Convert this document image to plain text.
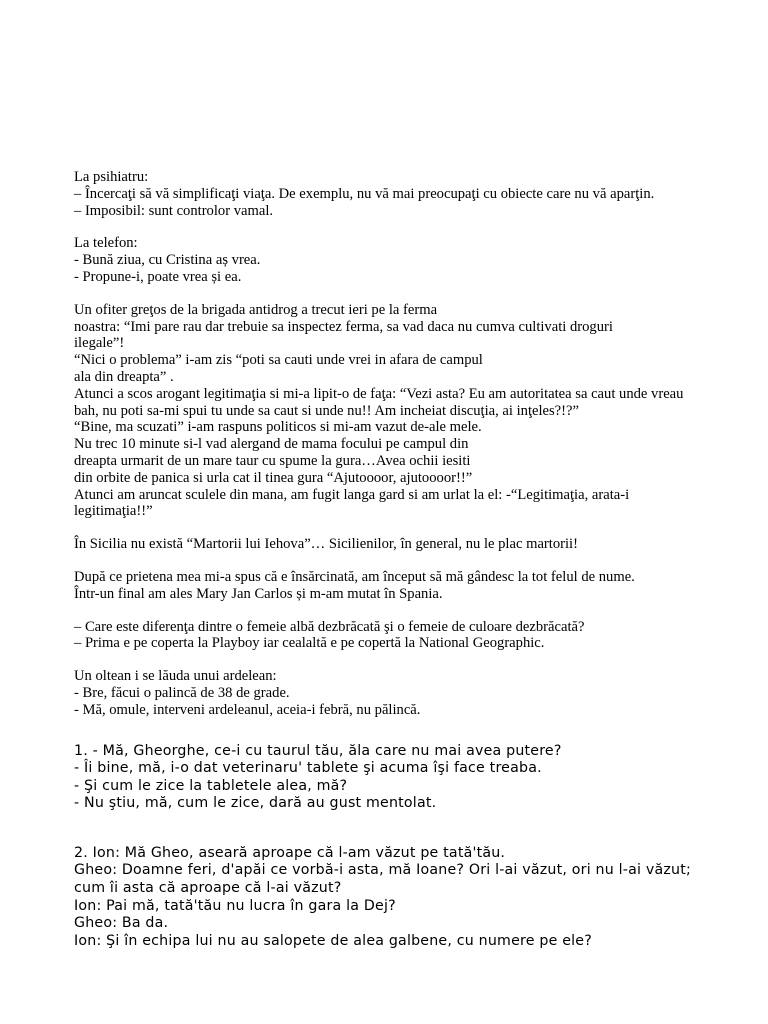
La psihiatru:
– Încercaţi să vă simplificaţi viaţa. De exemplu, nu vă mai preocupaţi cu obiecte care nu vă aparţin.
– Imposibil: sunt controlor vamal.
La telefon:
- Bună ziua, cu Cristina aș vrea.
- Propune-i, poate vrea și ea.
Un ofiter greţos de la brigada antidrog a trecut ieri pe la ferma
noastra: “Imi pare rau dar trebuie sa inspectez ferma, sa vad daca nu cumva cultivati droguri ilegale”!
“Nici o problema” i-am zis “poti sa cauti unde vrei in afara de campul
ala din dreapta” .
Atunci a scos arogant legitimaţia si mi-a lipit-o de faţa: “Vezi asta? Eu am autoritatea sa caut unde vreau bah, nu poti sa-mi spui tu unde sa caut si unde nu!! Am incheiat discuţia, ai inţeles?!?”
“Bine, ma scuzati” i-am raspuns politicos si mi-am vazut de-ale mele.
Nu trec 10 minute si-l vad alergand de mama focului pe campul din
dreapta urmarit de un mare taur cu spume la gura…Avea ochii iesiti
din orbite de panica si urla cat il tinea gura “Ajutoooor, ajutoooor!!”
Atunci am aruncat sculele din mana, am fugit langa gard si am urlat la el: -“Legitimaţia, arata-i legitimaţia!!”
În Sicilia nu există “Martorii lui Iehova”… Sicilienilor, în general, nu le plac martorii!
După ce prietena mea mi-a spus că e însărcinată, am început să mă gândesc la tot felul de nume.
Într-un final am ales Mary Jan Carlos și m-am mutat în Spania.
– Care este diferenţa dintre o femeie albă dezbrăcată şi o femeie de culoare dezbrăcată?
– Prima e pe coperta la Playboy iar cealaltă e pe copertă la National Geographic.
Un oltean i se lăuda unui ardelean:
- Bre, făcui o palincă de 38 de grade.
- Mă, omule, interveni ardeleanul, aceia-i febră, nu pălincă.
1. - Mă, Gheorghe, ce-i cu taurul tău, ăla care nu mai avea putere?
- Îi bine, mă, i-o dat veterinaru' tablete şi acuma îşi face treaba.
- Şi cum le zice la tabletele alea, mă?
- Nu ştiu, mă, cum le zice, dară au gust mentolat.
2. Ion: Mă Gheo, aseară aproape că l-am văzut pe tată'tău.
Gheo: Doamne feri, d'apăi ce vorbă-i asta, mă Ioane? Ori l-ai văzut, ori nu l-ai văzut; cum îi asta că aproape că l-ai văzut?
Ion: Pai mă, tată'tău nu lucra în gara la Dej?
Gheo: Ba da.
Ion: Şi în echipa lui nu au salopete de alea galbene, cu numere pe ele?
